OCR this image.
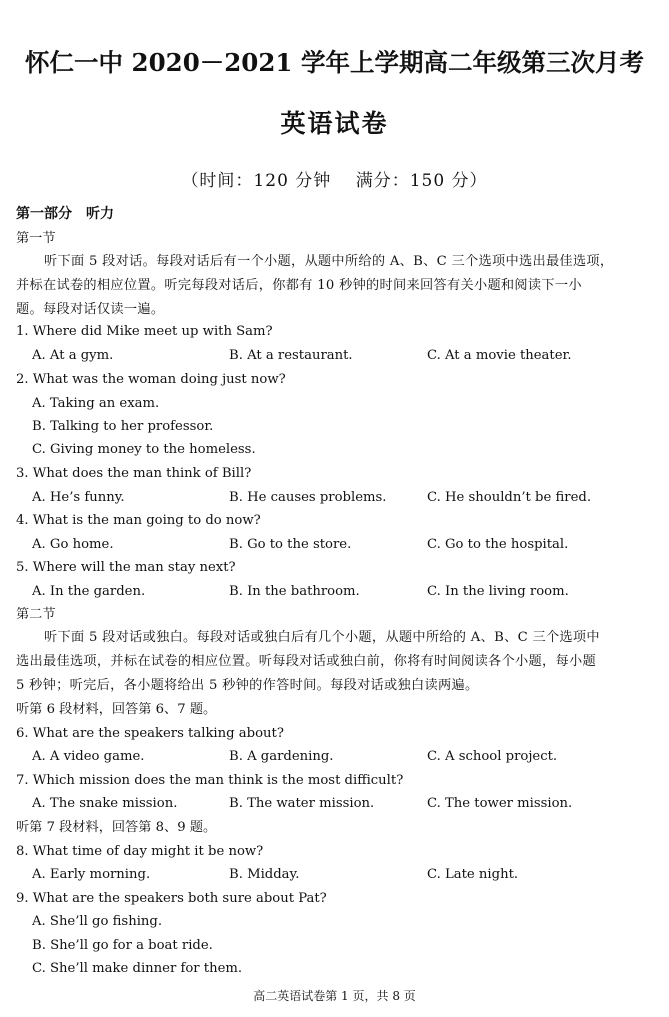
怀仁一中 2020－2021 学年上学期高二年级第三次月考
英语试卷
（时间：120 分钟　 满分：150 分）
第一部分　听力
第一节
听下面 5 段对话。每段对话后有一个小题，从题中所给的 A、B、C 三个选项中选出最佳选项，
并标在试卷的相应位置。听完每段对话后，你都有 10 秒钟的时间来回答有关小题和阅读下一小
题。每段对话仅读一遍。
1. Where did Mike meet up with Sam?
A. At a gym.	B. At a restaurant.	C. At a movie theater.
2. What was the woman doing just now?
A. Taking an exam.
B. Talking to her professor.
C. Giving money to the homeless.
3. What does the man think of Bill?
A. He’s funny.	B. He causes problems.	C. He shouldn’t be fired.
4. What is the man going to do now?
A. Go home.	B. Go to the store.	C. Go to the hospital.
5. Where will the man stay next?
A. In the garden.	B. In the bathroom.	C. In the living room.
第二节
听下面 5 段对话或独白。每段对话或独白后有几个小题，从题中所给的 A、B、C 三个选项中
选出最佳选项，并标在试卷的相应位置。听每段对话或独白前，你将有时间阅读各个小题，每小题
5 秒钟；听完后，各小题将给出 5 秒钟的作答时间。每段对话或独白读两遍。
听第 6 段材料，回答第 6、7 题。
6. What are the speakers talking about?
A. A video game.	B. A gardening.	C. A school project.
7. Which mission does the man think is the most difficult?
A. The snake mission.	B. The water mission.	C. The tower mission.
听第 7 段材料，回答第 8、9 题。
8. What time of day might it be now?
A. Early morning.	B. Midday.	C. Late night.
9. What are the speakers both sure about Pat?
A. She’ll go fishing.
B. She’ll go for a boat ride.
C. She’ll make dinner for them.
高二英语试卷第 1 页，共 8 页
